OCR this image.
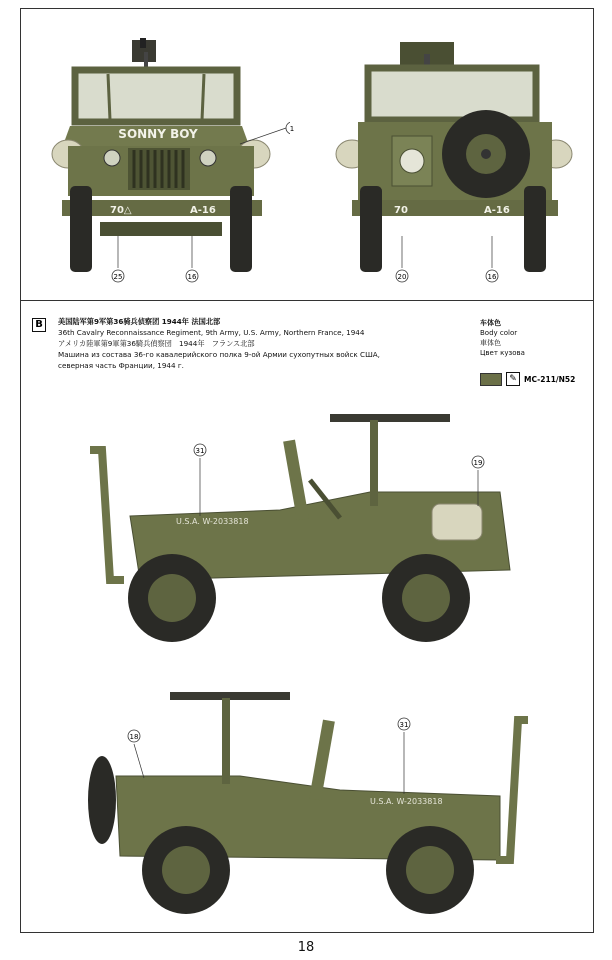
SONNY BOY
70△	A-16
1
25	16
70	A-16
20	16
B	美国陆军第9军第36骑兵侦察团 1944年 法国北部
36th Cavalry Reconnaissance Regiment, 9th Army, U.S. Army, Northern France, 1944
アメリカ陸軍第9軍第36騎兵偵察団　1944年　フランス北部
Машина из состава 36-го кавалерийского полка 9-ой Армии сухопутных войск США,
северная часть Франции, 1944 г.
车体色
Body color
車体色
Цвет кузова
✎ MC-211/N52
U.S.A. W-2033818
31
19
U.S.A. W-2033818
18
31
18
